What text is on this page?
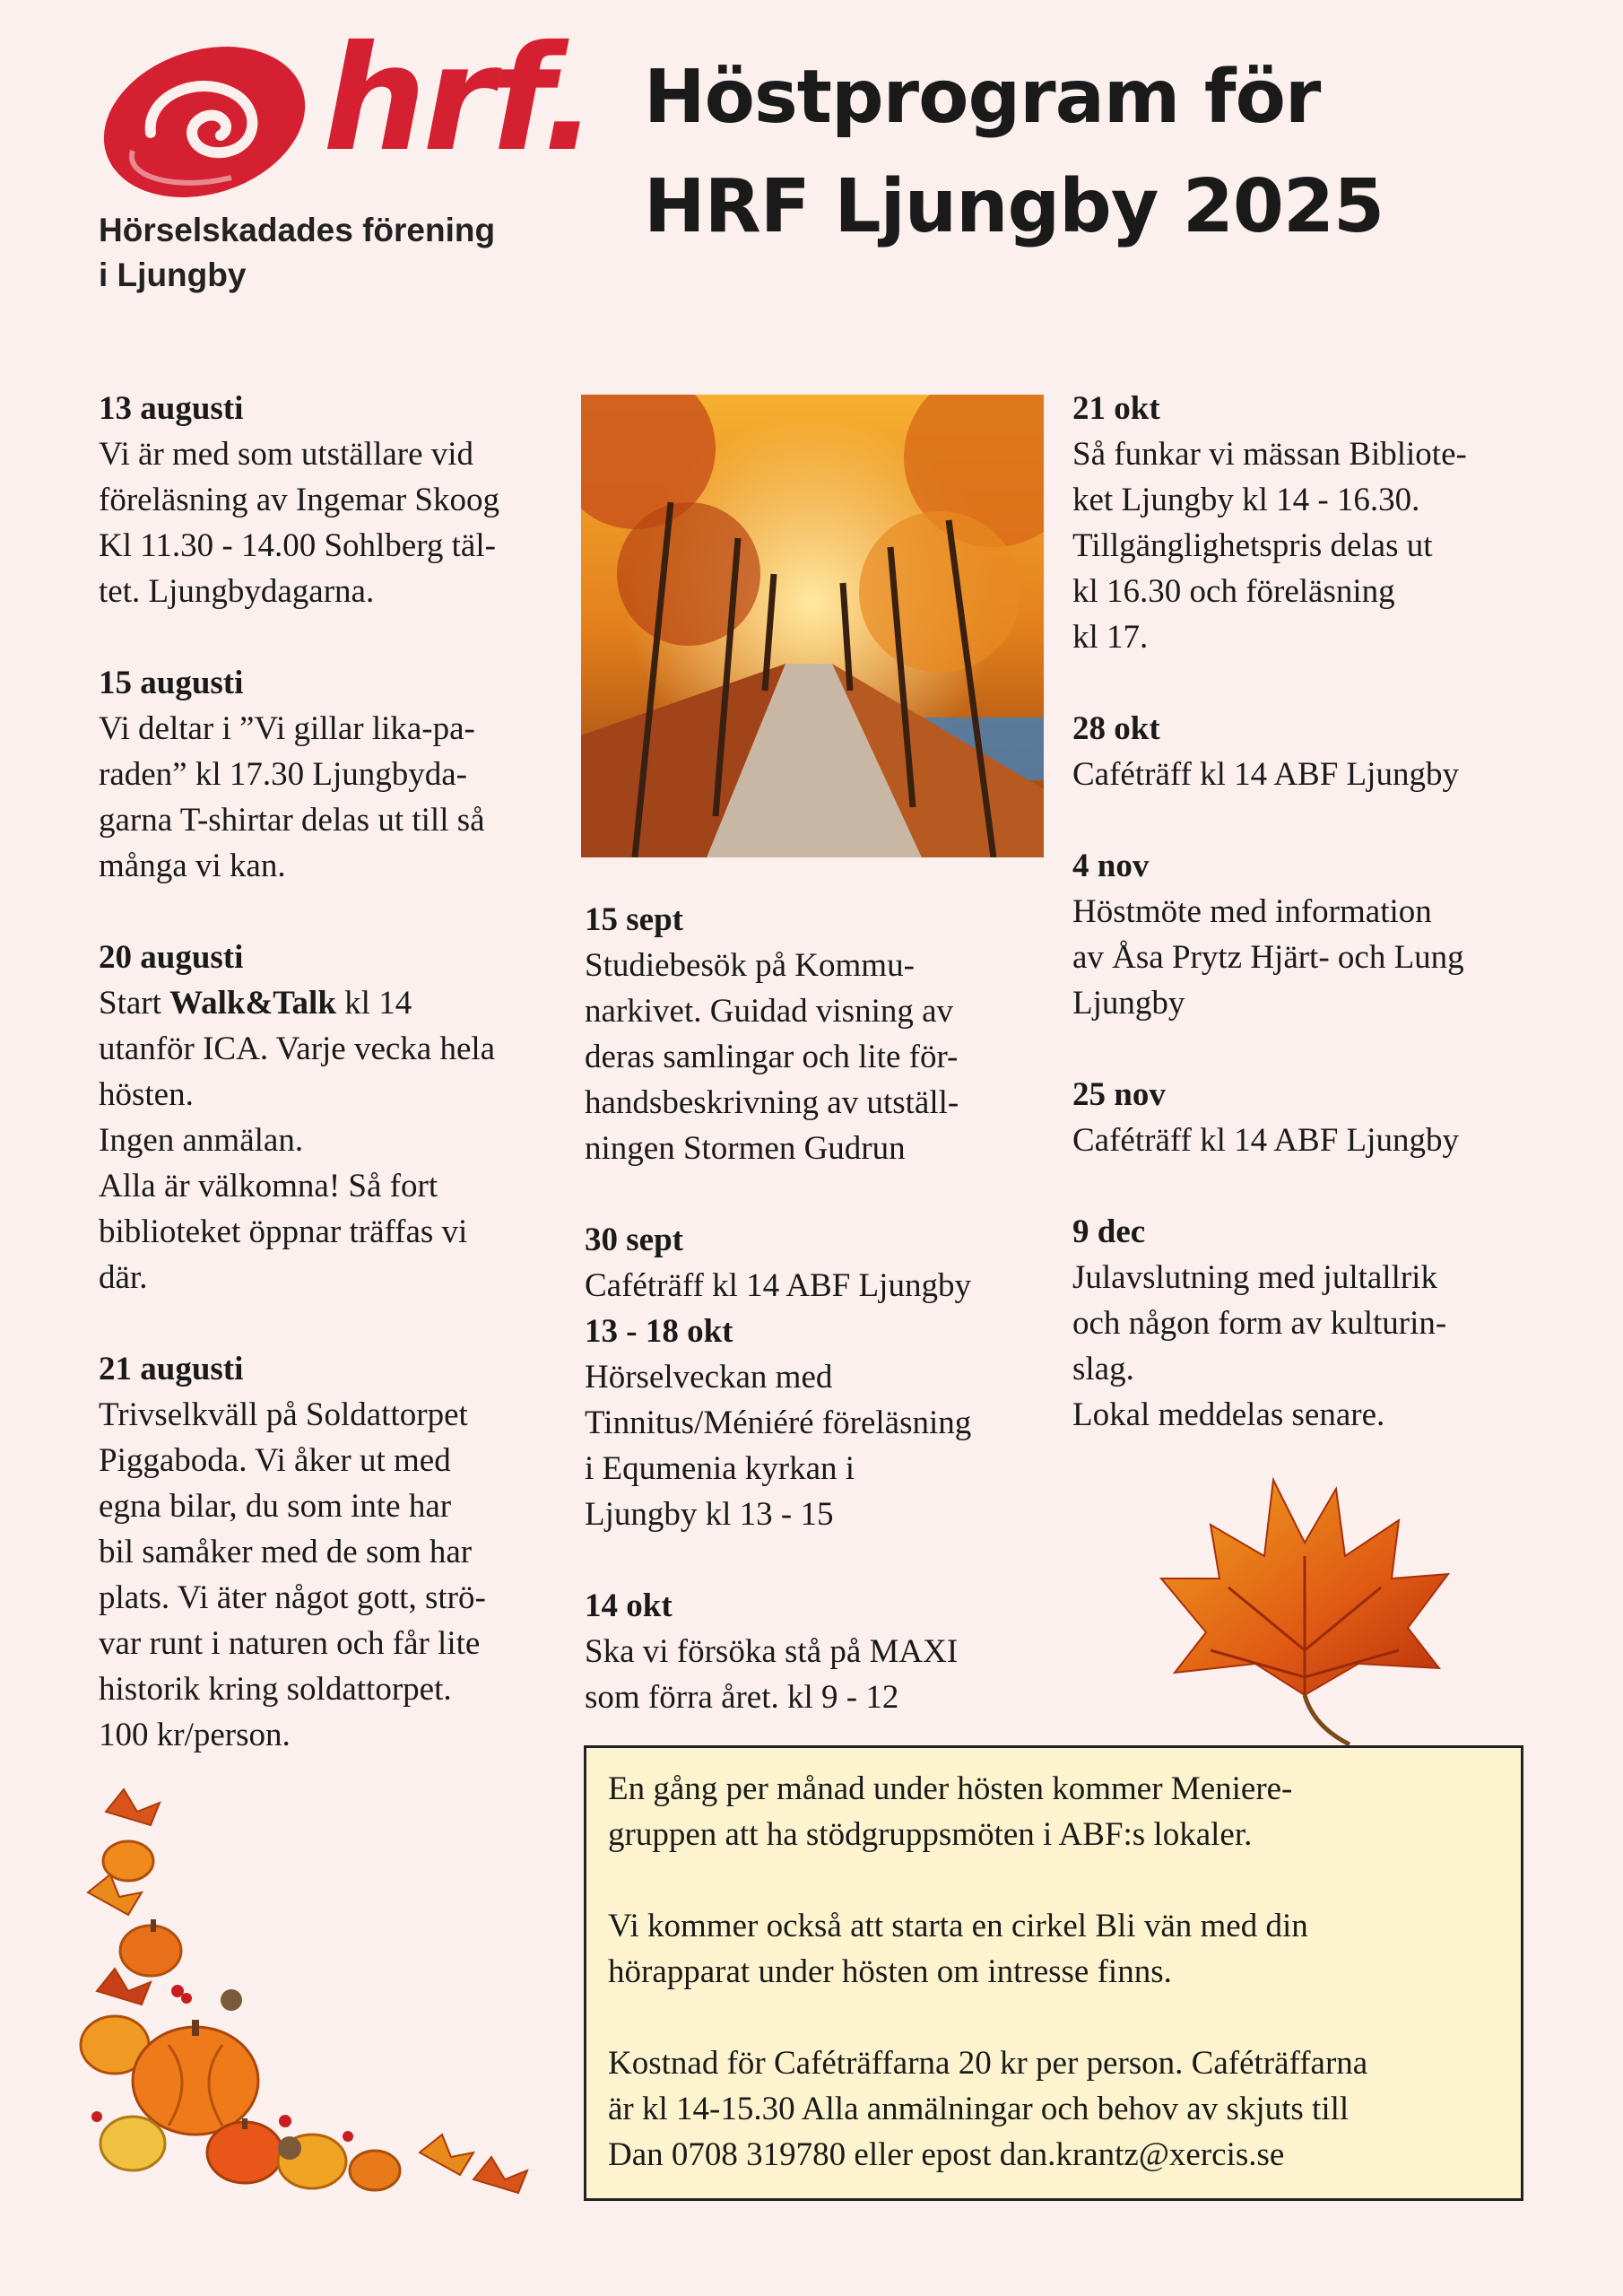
hrf.
Hörselskadades förening
i Ljungby
Höstprogram för
HRF Ljungby 2025
13 augusti
Vi är med som utställare vid
föreläsning av Ingemar Skoog
Kl 11.30 - 14.00 Sohlberg täl-
tet. Ljungbydagarna.
15 augusti
Vi deltar i ”Vi gillar lika-pa-
raden” kl 17.30 Ljungbyda-
garna T-shirtar delas ut till så
många vi kan.
20 augusti
Start Walk&Talk kl 14
utanför ICA. Varje vecka hela
hösten.
Ingen anmälan.
Alla är välkomna! Så fort
biblioteket öppnar träffas vi
där.
21 augusti
Trivselkväll på Soldattorpet
Piggaboda. Vi åker ut med
egna bilar, du som inte har
bil samåker med de som har
plats. Vi äter något gott, strö-
var runt i naturen och får lite
historik kring soldattorpet.
100 kr/person.
15 sept
Studiebesök på Kommu-
narkivet. Guidad visning av
deras samlingar och lite för-
handsbeskrivning av utställ-
ningen Stormen Gudrun
30 sept
Caféträff kl 14 ABF Ljungby
13 - 18 okt
Hörselveckan med
Tinnitus/Méniéré föreläsning
i Equmenia kyrkan i
Ljungby kl 13 - 15
14 okt
Ska vi försöka stå på MAXI
som förra året. kl 9 - 12
21 okt
Så funkar vi mässan Bibliote-
ket Ljungby kl 14 - 16.30.
Tillgänglighetspris delas ut
kl 16.30 och föreläsning
kl 17.
28 okt
Caféträff kl 14 ABF Ljungby
4 nov
Höstmöte med information
av Åsa Prytz Hjärt- och Lung
Ljungby
25 nov
Caféträff kl 14 ABF Ljungby
9 dec
Julavslutning med jultallrik
och någon form av kulturin-
slag.
Lokal meddelas senare.

En gång per månad under hösten kommer Meniere-
gruppen att ha stödgruppsmöten i ABF:s lokaler.

Vi kommer också att starta en cirkel Bli vän med din
hörapparat under hösten om intresse finns.

Kostnad för Caféträffarna 20 kr per person. Caféträffarna
är kl 14-15.30 Alla anmälningar och behov av skjuts till
Dan 0708 319780 eller epost dan.krantz@xercis.se
